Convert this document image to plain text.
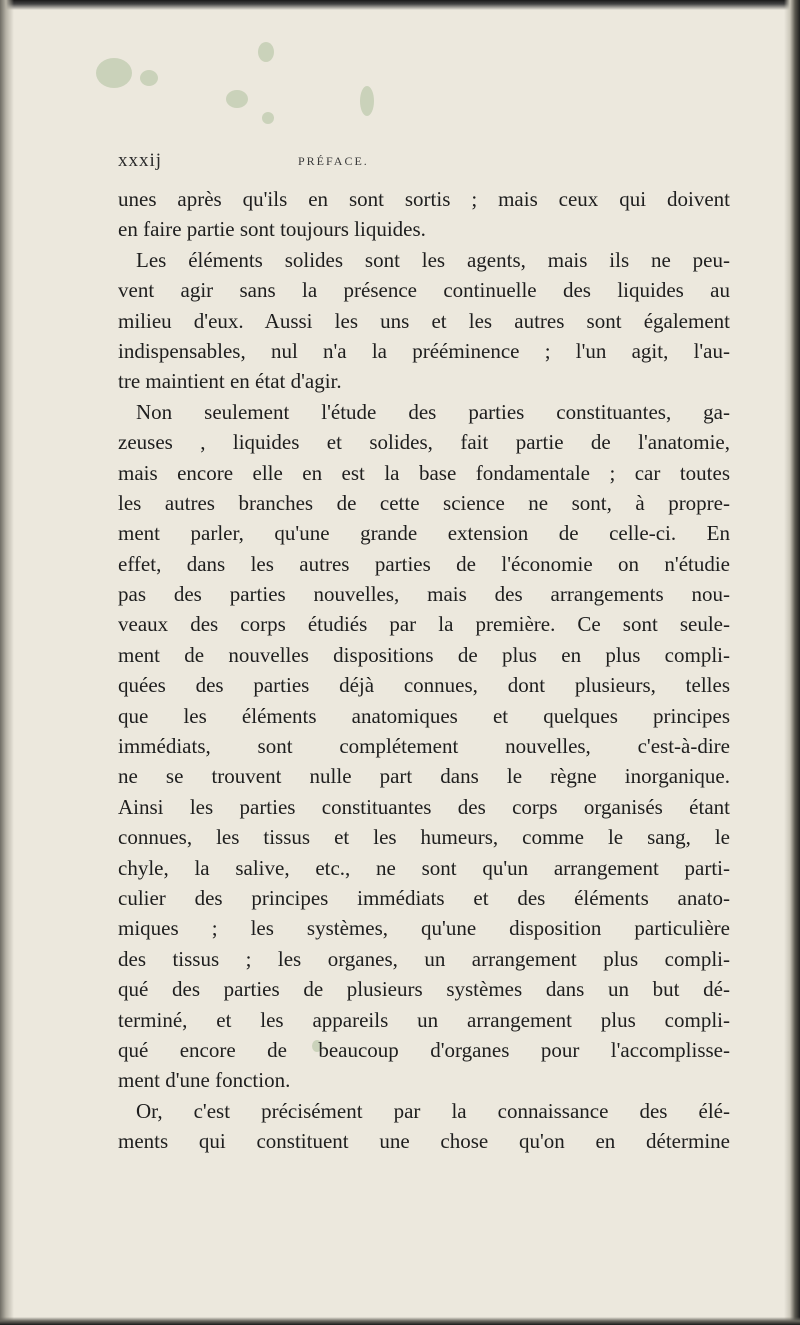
xxxij	PRÉFACE.
unes après qu'ils en sont sortis ; mais ceux qui doivent
en faire partie sont toujours liquides.
Les éléments solides sont les agents, mais ils ne peu-
vent agir sans la présence continuelle des liquides au
milieu d'eux. Aussi les uns et les autres sont également
indispensables, nul n'a la prééminence ; l'un agit, l'au-
tre maintient en état d'agir.
Non seulement l'étude des parties constituantes, ga-
zeuses , liquides et solides, fait partie de l'anatomie,
mais encore elle en est la base fondamentale ; car toutes
les autres branches de cette science ne sont, à propre-
ment parler, qu'une grande extension de celle-ci. En
effet, dans les autres parties de l'économie on n'étudie
pas des parties nouvelles, mais des arrangements nou-
veaux des corps étudiés par la première. Ce sont seule-
ment de nouvelles dispositions de plus en plus compli-
quées des parties déjà connues, dont plusieurs, telles
que les éléments anatomiques et quelques principes
immédiats, sont complétement nouvelles, c'est-à-dire
ne se trouvent nulle part dans le règne inorganique.
Ainsi les parties constituantes des corps organisés étant
connues, les tissus et les humeurs, comme le sang, le
chyle, la salive, etc., ne sont qu'un arrangement parti-
culier des principes immédiats et des éléments anato-
miques ; les systèmes, qu'une disposition particulière
des tissus ; les organes, un arrangement plus compli-
qué des parties de plusieurs systèmes dans un but dé-
terminé, et les appareils un arrangement plus compli-
qué encore de beaucoup d'organes pour l'accomplisse-
ment d'une fonction.
Or, c'est précisément par la connaissance des élé-
ments qui constituent une chose qu'on en détermine
